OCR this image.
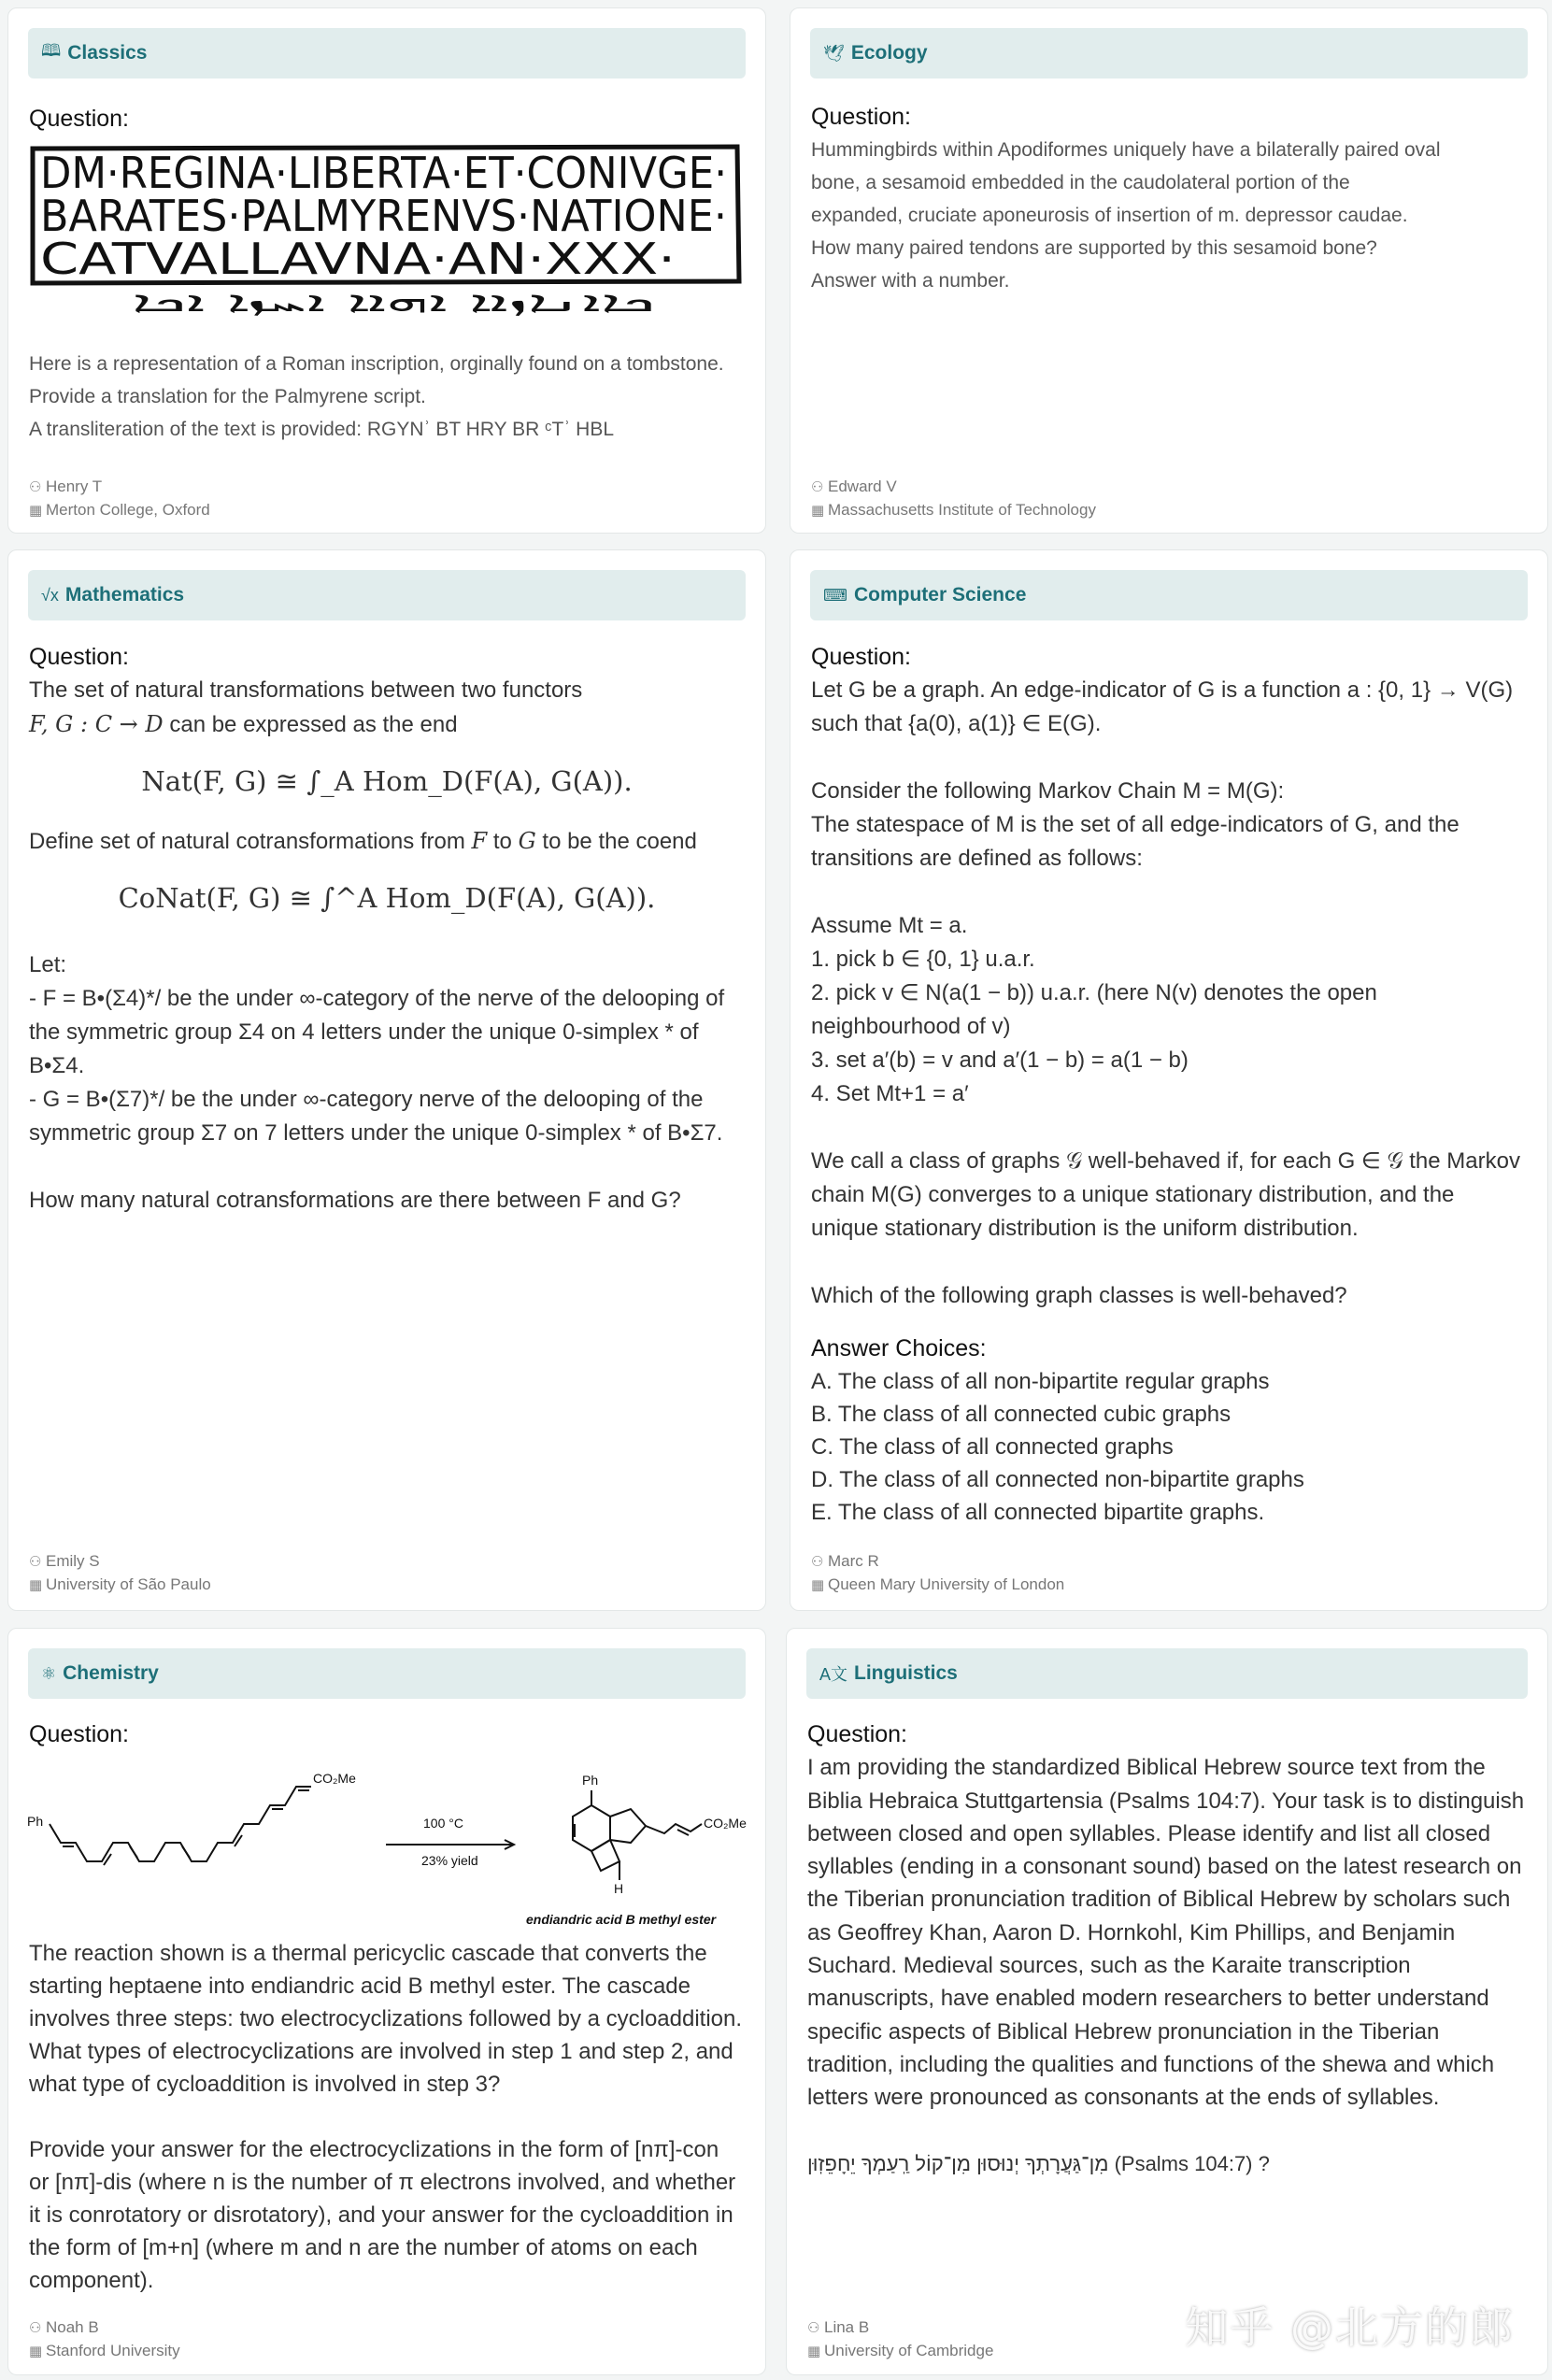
🕮 Classics
Question:
DM·REGINA·LIBERTA·ET·CONIVGE·
BARATES·PALMYRENVS·NATIONE·
CATVALLAVNA·AN·XXX·
ܟܐܐܢܐܙܐܐ ܐܗܐܐ ܐܚܙܐ ܐܟܐ
Here is a representation of a Roman inscription, orginally found on a tombstone. Provide a translation for the Palmyrene script.
A transliteration of the text is provided: RGYNʾ BT HRY BR ᶜTʾ HBL
⚇ Henry T
▦ Merton College, Oxford
🕊 Ecology
Question:
Hummingbirds within Apodiformes uniquely have a bilaterally paired oval bone, a sesamoid embedded in the caudolateral portion of the expanded, cruciate aponeurosis of insertion of m. depressor caudae. How many paired tendons are supported by this sesamoid bone? Answer with a number.
⚇ Edward V
▦ Massachusetts Institute of Technology
√x Mathematics
Question:
The set of natural transformations between two functors
F, G : C → D can be expressed as the end
Nat(F, G) ≅ ∫_A Hom_D(F(A), G(A)).
Define set of natural cotransformations from F to G to be the coend
CoNat(F, G) ≅ ∫^A Hom_D(F(A), G(A)).
Let:
- F = B•(Σ4)*/ be the under ∞-category of the nerve of the delooping of the symmetric group Σ4 on 4 letters under the unique 0-simplex * of B•Σ4.
- G = B•(Σ7)*/ be the under ∞-category nerve of the delooping of the symmetric group Σ7 on 7 letters under the unique 0-simplex * of B•Σ7.
How many natural cotransformations are there between F and G?
⚇ Emily S
▦ University of São Paulo
⌨ Computer Science
Question:
Let G be a graph. An edge-indicator of G is a function a : {0, 1} → V(G) such that {a(0), a(1)} ∈ E(G).
Consider the following Markov Chain M = M(G):
The statespace of M is the set of all edge-indicators of G, and the transitions are defined as follows:
Assume Mt = a.
1. pick b ∈ {0, 1} u.a.r.
2. pick v ∈ N(a(1 − b)) u.a.r. (here N(v) denotes the open neighbourhood of v)
3. set a′(b) = v and a′(1 − b) = a(1 − b)
4. Set Mt+1 = a′
We call a class of graphs 𝒢 well-behaved if, for each G ∈ 𝒢 the Markov chain M(G) converges to a unique stationary distribution, and the unique stationary distribution is the uniform distribution.
Which of the following graph classes is well-behaved?
Answer Choices:
A. The class of all non-bipartite regular graphs
B. The class of all connected cubic graphs
C. The class of all connected graphs
D. The class of all connected non-bipartite graphs
E. The class of all connected bipartite graphs.
⚇ Marc R
▦ Queen Mary University of London
⚛ Chemistry
Question:
Ph
CO₂Me
100 °C
23% yield
Ph
CO₂Me
H
endiandric acid B methyl ester
The reaction shown is a thermal pericyclic cascade that converts the starting heptaene into endiandric acid B methyl ester. The cascade involves three steps: two electrocyclizations followed by a cycloaddition. What types of electrocyclizations are involved in step 1 and step 2, and what type of cycloaddition is involved in step 3?
Provide your answer for the electrocyclizations in the form of [nπ]-con or [nπ]-dis (where n is the number of π electrons involved, and whether it is conrotatory or disrotatory), and your answer for the cycloaddition in the form of [m+n] (where m and n are the number of atoms on each component).
⚇ Noah B
▦ Stanford University
A文 Linguistics
Question:
I am providing the standardized Biblical Hebrew source text from the Biblia Hebraica Stuttgartensia (Psalms 104:7). Your task is to distinguish between closed and open syllables. Please identify and list all closed syllables (ending in a consonant sound) based on the latest research on the Tiberian pronunciation tradition of Biblical Hebrew by scholars such as Geoffrey Khan, Aaron D. Hornkohl, Kim Phillips, and Benjamin Suchard. Medieval sources, such as the Karaite transcription manuscripts, have enabled modern researchers to better understand specific aspects of Biblical Hebrew pronunciation in the Tiberian tradition, including the qualities and functions of the shewa and which letters were pronounced as consonants at the ends of syllables.
מִן־גַּעֲרָתְךָ יְנוּסוּן מִן־קוֹל רַֽעַמְךָ יֵחָפֵזֽוּן (Psalms 104:7) ?
⚇ Lina B
▦ University of Cambridge	知乎 @北方的郎
